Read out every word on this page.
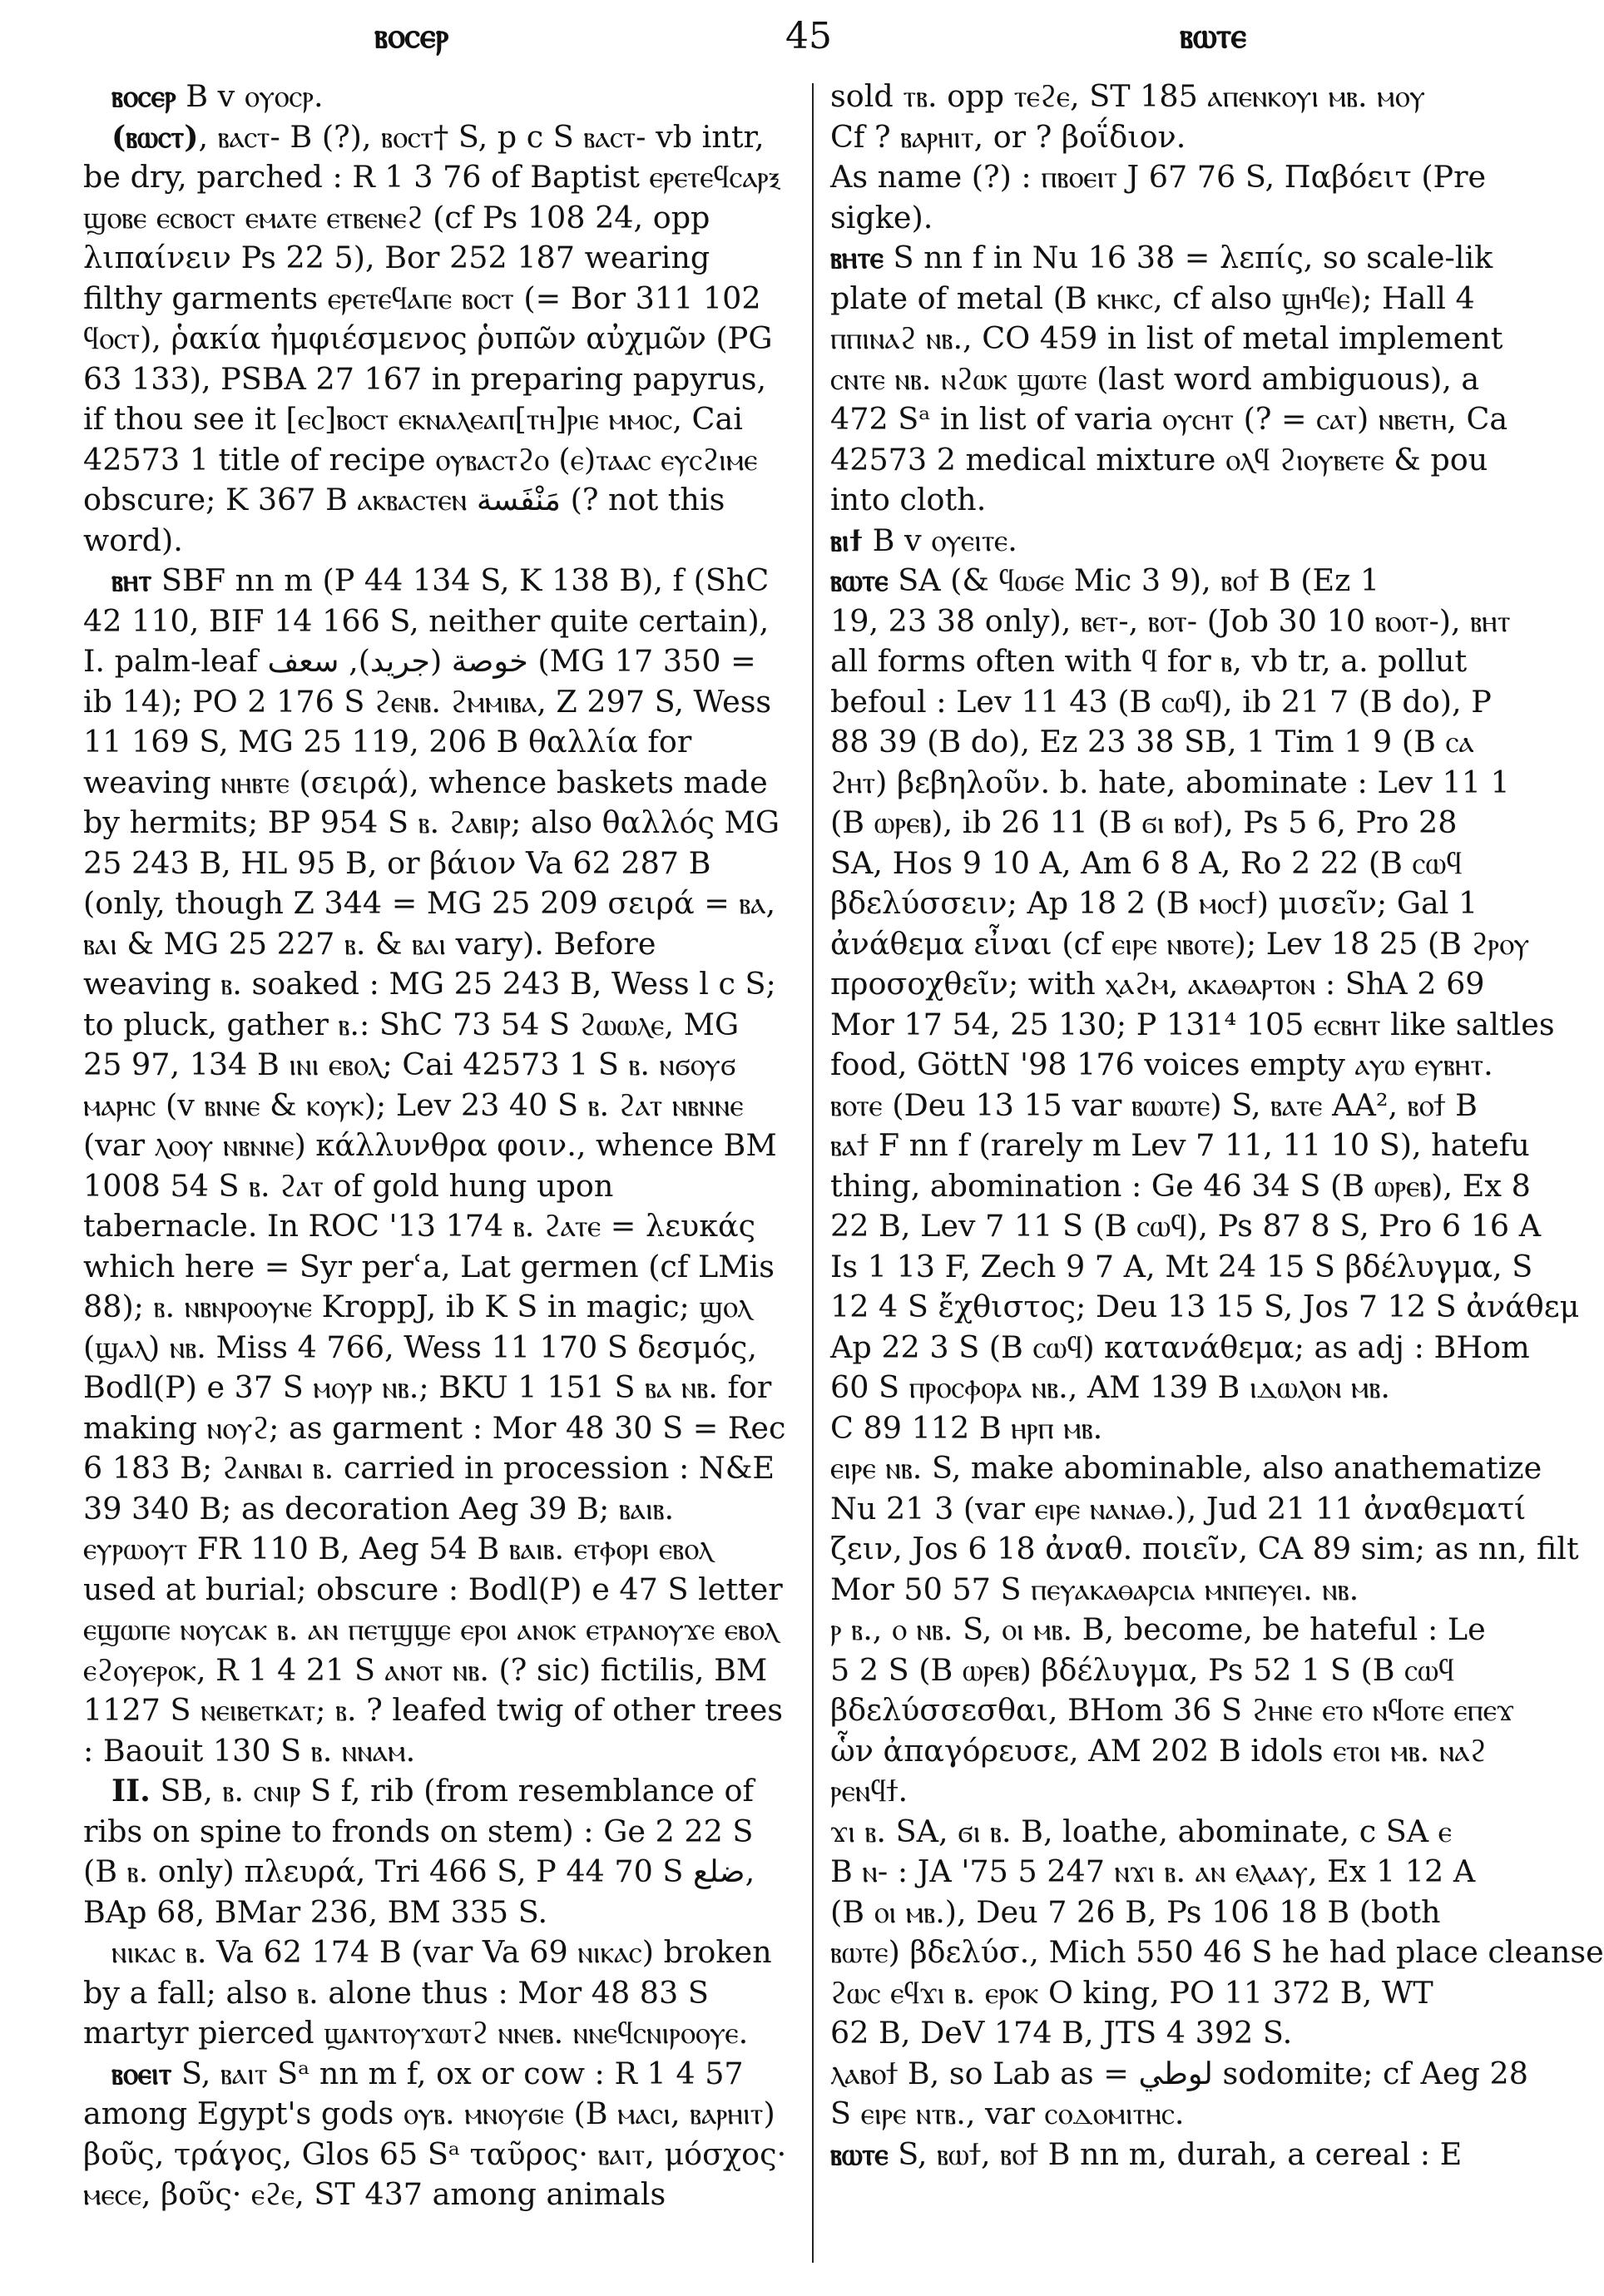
ⲃⲟⲥⲉⲣ	45	ⲃⲱⲧⲉ

ⲃⲟⲥⲉⲣ B v ⲟⲩⲟⲥⲣ.

(ⲃⲱⲥⲧ), ⲃⲁⲥⲧ- B (?), ⲃⲟⲥⲧ† S, p c S ⲃⲁⲥⲧ- vb intr, be dry, parched : R 1 3 76 of Baptist ⲉⲣⲉⲧⲉϥⲥⲁⲣⲝ ϣⲟⲃⲉ ⲉⲥⲃⲟⲥⲧ ⲉⲙⲁⲧⲉ ⲉⲧⲃⲉⲛⲉϩ (cf Ps 108 24, opp λιπαίνειν Ps 22 5), Bor 252 187 wearing filthy garments ⲉⲣⲉⲧⲉϥⲁⲡⲉ ⲃⲟⲥⲧ (= Bor 311 102 ϥⲟⲥⲧ), ῥακία ἠμφιέσμενος ῥυπῶν αὐχμῶν (PG 63 133), PSBA 27 167 in preparing papyrus, if thou see it [ⲉⲥ]ⲃⲟⲥⲧ ⲉⲕⲛⲁⲗⲉⲁⲡ[ⲧⲏ]ⲣⲓⲉ ⲙⲙⲟⲥ, Cai 42573 1 title of recipe ⲟⲩⲃⲁⲥⲧϩⲟ (ⲉ)ⲧⲁⲁⲥ ⲉⲩⲥϩⲓⲙⲉ obscure; K 367 B ⲁⲕⲃⲁⲥⲧⲉⲛ مَنْفَسة (? not this word).

ⲃⲏⲧ SBF nn m (P 44 134 S, K 138 B), f (ShC 42 110, BIF 14 166 S, neither quite certain), I. palm-leaf خوصة (جريد), سعف (MG 17 350 = ib 14); PO 2 176 S ϩⲉⲛⲃ. ϩⲙⲙⲓⲃⲁ, Z 297 S, Wess 11 169 S, MG 25 119, 206 B θαλλία for weaving ⲛⲏⲃⲧⲉ (σειρά), whence baskets made by hermits; BP 954 S ⲃ. ϩⲁⲃⲓⲣ; also θαλλός MG 25 243 B, HL 95 B, or βάιον Va 62 287 B (only, though Z 344 = MG 25 209 σειρά = ⲃⲁ, ⲃⲁⲓ & MG 25 227 ⲃ. & ⲃⲁⲓ vary). Before weaving ⲃ. soaked : MG 25 243 B, Wess l c S; to pluck, gather ⲃ.: ShC 73 54 S ϩⲱⲱⲗⲉ, MG 25 97, 134 B ⲓⲛⲓ ⲉⲃⲟⲗ; Cai 42573 1 S ⲃ. ⲛϭⲟⲩϭ ⲙⲁⲣⲏⲥ (v ⲃⲛⲛⲉ & ⲕⲟⲩⲕ); Lev 23 40 S ⲃ. ϩⲁⲧ ⲛⲃⲛⲛⲉ (var ⲗⲟⲟⲩ ⲛⲃⲛⲛⲉ) κάλλυνθρα φοιν., whence BM 1008 54 S ⲃ. ϩⲁⲧ of gold hung upon tabernacle. In ROC '13 174 ⲃ. ϩⲁⲧⲉ = λευκάς which here = Syr perʿa, Lat germen (cf LMis 88); ⲃ. ⲛⲃⲛⲣⲟⲟⲩⲛⲉ KroppJ, ib K S in magic; ϣⲟⲗ (ϣⲁⲗ) ⲛⲃ. Miss 4 766, Wess 11 170 S δεσμός, Bodl(P) e 37 S ⲙⲟⲩⲣ ⲛⲃ.; BKU 1 151 S ⲃⲁ ⲛⲃ. for making ⲛⲟⲩϩ; as garment : Mor 48 30 S = Rec 6 183 B; ϩⲁⲛⲃⲁⲓ ⲃ. carried in procession : N&E 39 340 B; as decoration Aeg 39 B; ⲃⲁⲓⲃ. ⲉⲩⲣⲱⲟⲩⲧ FR 110 B, Aeg 54 B ⲃⲁⲓⲃ. ⲉⲧⲫⲟⲣⲓ ⲉⲃⲟⲗ used at burial; obscure : Bodl(P) e 47 S letter ⲉϣⲱⲡⲉ ⲛⲟⲩⲥⲁⲕ ⲃ. ⲁⲛ ⲡⲉⲧϣϣⲉ ⲉⲣⲟⲓ ⲁⲛⲟⲕ ⲉⲧⲣⲁⲛⲟⲩϫⲉ ⲉⲃⲟⲗ ⲉϩⲟⲩⲉⲣⲟⲕ, R 1 4 21 S ⲁⲛⲟⲧ ⲛⲃ. (? sic) fictilis, BM 1127 S ⲛⲉⲓⲃⲉⲧⲕⲁⲧ; ⲃ. ? leafed twig of other trees : Baouit 130 S ⲃ. ⲛⲛⲁⲙ.

II. SB, ⲃ. ⲥⲛⲓⲣ S f, rib (from resemblance of ribs on spine to fronds on stem) : Ge 2 22 S (B ⲃ. only) πλευρά, Tri 466 S, P 44 70 S ضلع, BAp 68, BMar 236, BM 335 S.

ⲛⲓⲕⲁⲥ ⲃ. Va 62 174 B (var Va 69 ⲛⲓⲕⲁⲥ) broken by a fall; also ⲃ. alone thus : Mor 48 83 S martyr pierced ϣⲁⲛⲧⲟⲩϫⲱⲧϩ ⲛⲛⲉⲃ. ⲛⲛⲉϥⲥⲛⲓⲣⲟⲟⲩⲉ.

ⲃⲟⲉⲓⲧ S, ⲃⲁⲓⲧ Sᵃ nn m f, ox or cow : R 1 4 57 among Egypt's gods ⲟⲩⲃ. ⲙⲛⲟⲩϭⲓⲉ (B ⲙⲁⲥⲓ, ⲃⲁⲣⲏⲓⲧ) βοῦς, τράγος, Glos 65 Sᵃ ταῦρος· ⲃⲁⲓⲧ, μόσχος· ⲙⲉⲥⲉ, βοῦς· ⲉϩⲉ, ST 437 among animals

sold ⲧⲃ. opp ⲧⲉϩⲉ, ST 185 ⲁⲡⲉⲛⲕⲟⲩⲓ ⲙⲃ. ⲙⲟⲩ

Cf ? ⲃⲁⲣⲏⲓⲧ, or ? βοΐδιον.

As name (?) : ⲡⲃⲟⲉⲓⲧ J 67 76 S, Παβόειτ (Pre

sigke).

ⲃⲏⲧⲉ S nn f in Nu 16 38 = λεπίς, so scale-lik

plate of metal (B ⲕⲏⲕⲥ, cf also ϣⲏϥⲉ); Hall 4

ⲡⲡⲓⲛⲁϩ ⲛⲃ., CO 459 in list of metal implement

ⲥⲛⲧⲉ ⲛⲃ. ⲛϩⲱⲕ ϣⲱⲧⲉ (last word ambiguous), a

472 Sᵃ in list of varia ⲟⲩⲥⲏⲧ (? = ⲥⲁⲧ) ⲛⲃⲉⲧⲏ, Ca

42573 2 medical mixture ⲟⲗϥ ϩⲓⲟⲩⲃⲉⲧⲉ & pou

into cloth.

ⲃⲓϯ B v ⲟⲩⲉⲓⲧⲉ.

ⲃⲱⲧⲉ SA (& ϥⲱϭⲉ Mic 3 9), ⲃⲟϯ B (Ez 1

19, 23 38 only), ⲃⲉⲧ-, ⲃⲟⲧ- (Job 30 10 ⲃⲟⲟⲧ-), ⲃⲏⲧ

all forms often with ϥ for ⲃ, vb tr, a. pollut

befoul : Lev 11 43 (B ⲥⲱϥ), ib 21 7 (B do), P

88 39 (B do), Ez 23 38 SB, 1 Tim 1 9 (B ⲥⲁ

ϩⲏⲧ) βεβηλοῦν. b. hate, abominate : Lev 11 1

(B ⲱⲣⲉⲃ), ib 26 11 (B ϭⲓ ⲃⲟϯ), Ps 5 6, Pro 28

SA, Hos 9 10 A, Am 6 8 A, Ro 2 22 (B ⲥⲱϥ

βδελύσσειν; Ap 18 2 (B ⲙⲟⲥϯ) μισεῖν; Gal 1

ἀνάθεμα εἶναι (cf ⲉⲓⲣⲉ ⲛⲃⲟⲧⲉ); Lev 18 25 (B ϩⲣⲟⲩ

προσοχθεῖν; with ⲭⲁϩⲙ, ⲁⲕⲁⲑⲁⲣⲧⲟⲛ : ShA 2 69

Mor 17 54, 25 130; P 131⁴ 105 ⲉⲥⲃⲏⲧ like saltles

food, GöttN '98 176 voices empty ⲁⲩⲱ ⲉⲩⲃⲏⲧ.

ⲃⲟⲧⲉ (Deu 13 15 var ⲃⲱⲱⲧⲉ) S, ⲃⲁⲧⲉ AA², ⲃⲟϯ B

ⲃⲁϯ F nn f (rarely m Lev 7 11, 11 10 S), hatefu

thing, abomination : Ge 46 34 S (B ⲱⲣⲉⲃ), Ex 8

22 B, Lev 7 11 S (B ⲥⲱϥ), Ps 87 8 S, Pro 6 16 A

Is 1 13 F, Zech 9 7 A, Mt 24 15 S βδέλυγμα, S

12 4 S ἔχθιστος; Deu 13 15 S, Jos 7 12 S ἀνάθεμ

Ap 22 3 S (B ⲥⲱϥ) κατανάθεμα; as adj : BHom

60 S ⲡⲣⲟⲥⲫⲟⲣⲁ ⲛⲃ., AM 139 B ⲓⲇⲱⲗⲟⲛ ⲙⲃ.

C 89 112 B ⲏⲣⲡ ⲙⲃ.

ⲉⲓⲣⲉ ⲛⲃ. S, make abominable, also anathematize

Nu 21 3 (var ⲉⲓⲣⲉ ⲛⲁⲛⲁⲑ.), Jud 21 11 ἀναθεματί

ζειν, Jos 6 18 ἀναθ. ποιεῖν, CA 89 sim; as nn, filt

Mor 50 57 S ⲡⲉⲩⲁⲕⲁⲑⲁⲣⲥⲓⲁ ⲙⲛⲡⲉⲩⲉⲓ. ⲛⲃ.

ⲣ ⲃ., ⲟ ⲛⲃ. S, ⲟⲓ ⲙⲃ. B, become, be hateful : Le

5 2 S (B ⲱⲣⲉⲃ) βδέλυγμα, Ps 52 1 S (B ⲥⲱϥ

βδελύσσεσθαι, BHom 36 S ϩⲏⲛⲉ ⲉⲧⲟ ⲛϥⲟⲧⲉ ⲉⲡⲉϫ

ὧν ἀπαγόρευσε, AM 202 B idols ⲉⲧⲟⲓ ⲙⲃ. ⲛⲁϩ

ⲣⲉⲛϥϯ.

ϫⲓ ⲃ. SA, ϭⲓ ⲃ. B, loathe, abominate, c SA ⲉ

B ⲛ- : JA '75 5 247 ⲛϫⲓ ⲃ. ⲁⲛ ⲉⲗⲁⲁⲩ, Ex 1 12 A

(B ⲟⲓ ⲙⲃ.), Deu 7 26 B, Ps 106 18 B (both

ⲃⲱⲧⲉ) βδελύσ., Mich 550 46 S he had place cleanse

ϩⲱⲥ ⲉϥϫⲓ ⲃ. ⲉⲣⲟⲕ O king, PO 11 372 B, WT

62 B, DeV 174 B, JTS 4 392 S.

ⲗⲁⲃⲟϯ B, so Lab as = لوطي sodomite; cf Aeg 28

S ⲉⲓⲣⲉ ⲛⲧⲃ., var ⲥⲟⲇⲟⲙⲓⲧⲏⲥ.

ⲃⲱⲧⲉ S, ⲃⲱϯ, ⲃⲟϯ B nn m, durah, a cereal : E
